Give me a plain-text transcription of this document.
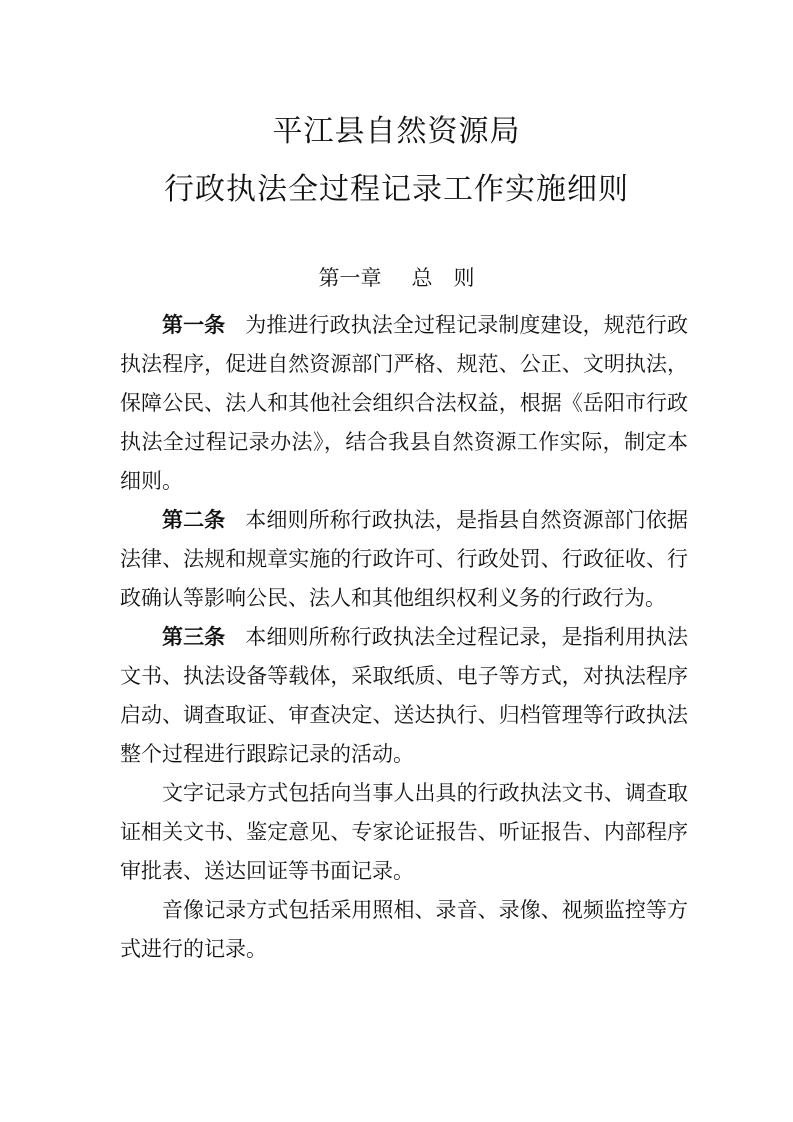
平江县自然资源局
行政执法全过程记录工作实施细则
第一章 总　则

第一条 为推进行政执法全过程记录制度建设，规范行政执法程序，促进自然资源部门严格、规范、公正、文明执法，保障公民、法人和其他社会组织合法权益，根据《岳阳市行政执法全过程记录办法》，结合我县自然资源工作实际，制定本细则。

第二条 本细则所称行政执法，是指县自然资源部门依据法律、法规和规章实施的行政许可、行政处罚、行政征收、行政确认等影响公民、法人和其他组织权利义务的行政行为。

第三条 本细则所称行政执法全过程记录，是指利用执法文书、执法设备等载体，采取纸质、电子等方式，对执法程序启动、调查取证、审查决定、送达执行、归档管理等行政执法整个过程进行跟踪记录的活动。

文字记录方式包括向当事人出具的行政执法文书、调查取证相关文书、鉴定意见、专家论证报告、听证报告、内部程序审批表、送达回证等书面记录。

音像记录方式包括采用照相、录音、录像、视频监控等方式进行的记录。
